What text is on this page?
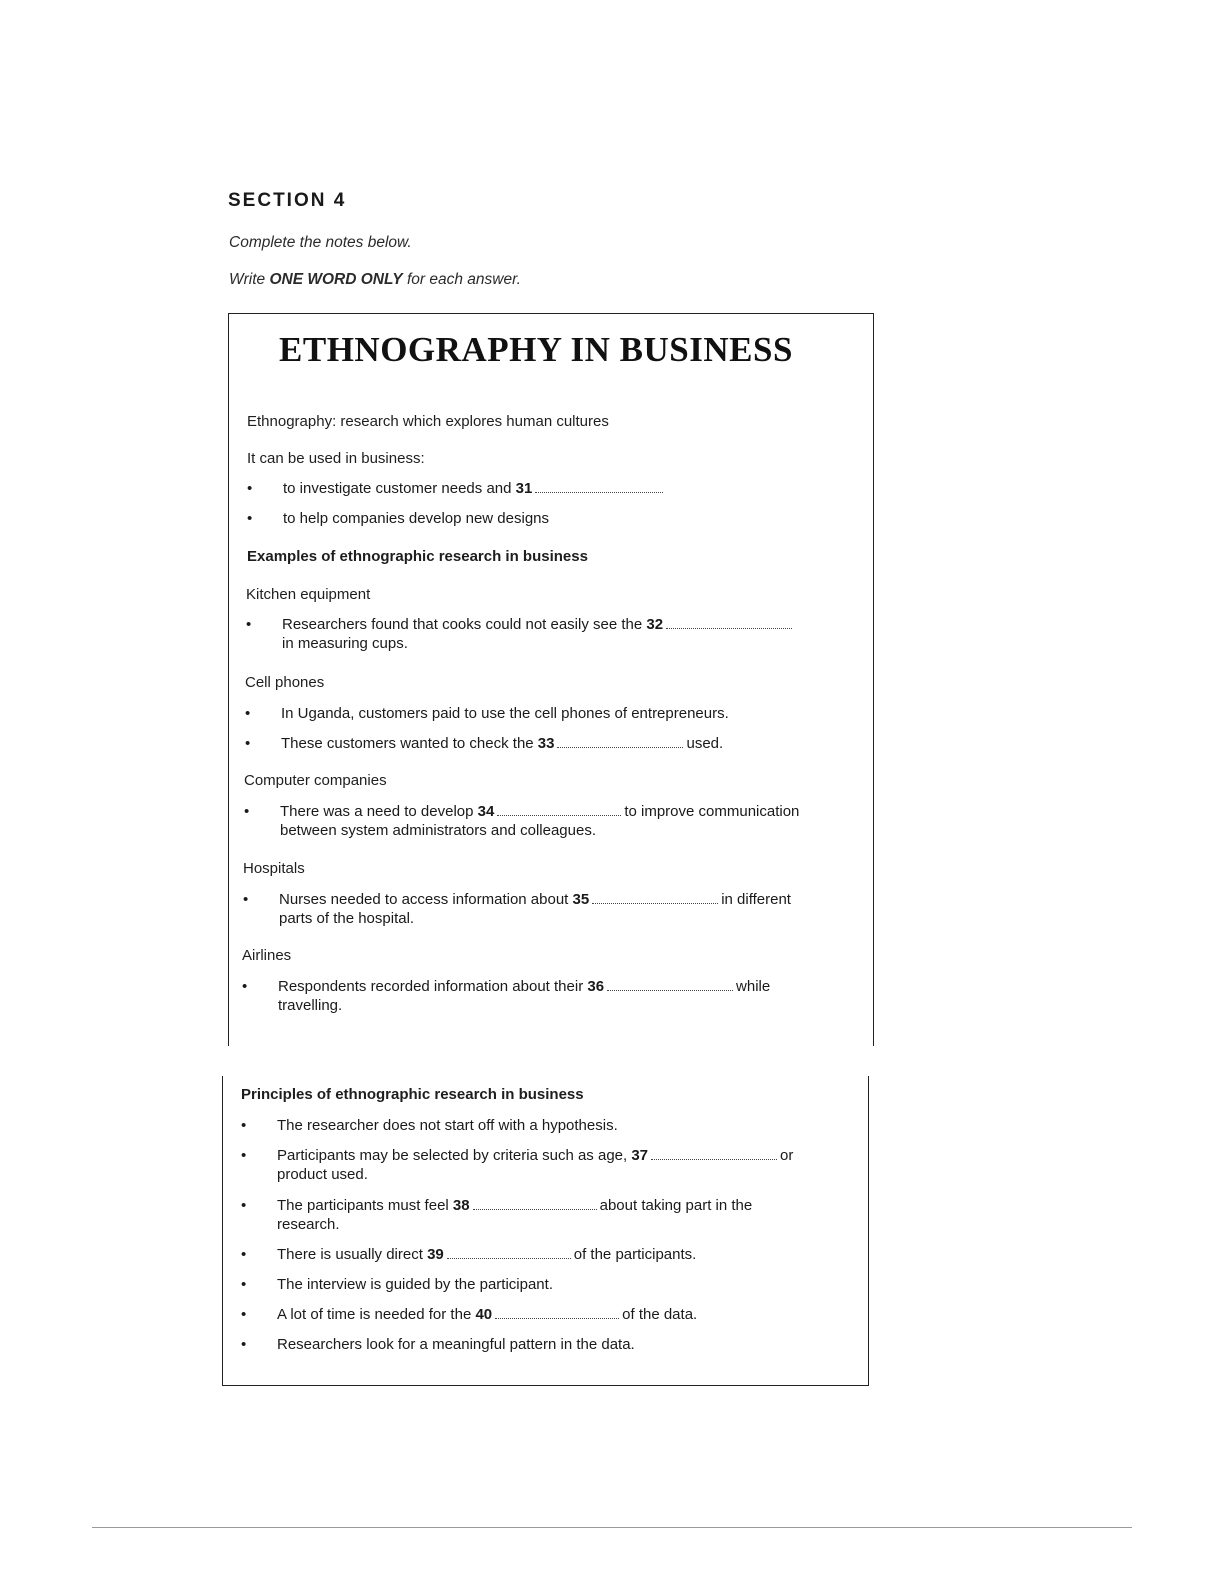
SECTION 4

Complete the notes below.

Write ONE WORD ONLY for each answer.

ETHNOGRAPHY IN BUSINESS
Ethnography: research which explores human cultures
It can be used in business:
•	to investigate customer needs and 31
•	to help companies develop new designs
Examples of ethnographic research in business
Kitchen equipment
•	Researchers found that cooks could not easily see the 32
in measuring cups.
Cell phones
•	In Uganda, customers paid to use the cell phones of entrepreneurs.
•	These customers wanted to check the 33	used.
Computer companies
•	There was a need to develop 34	to improve communication
between system administrators and colleagues.
Hospitals
•	Nurses needed to access information about 35	in different
parts of the hospital.
Airlines
•	Respondents recorded information about their 36	while
travelling.
Principles of ethnographic research in business
•	The researcher does not start off with a hypothesis.
•	Participants may be selected by criteria such as age, 37	or
product used.
•	The participants must feel 38	about taking part in the
research.
•	There is usually direct 39	of the participants.
•	The interview is guided by the participant.
•	A lot of time is needed for the 40	of the data.
•	Researchers look for a meaningful pattern in the data.
